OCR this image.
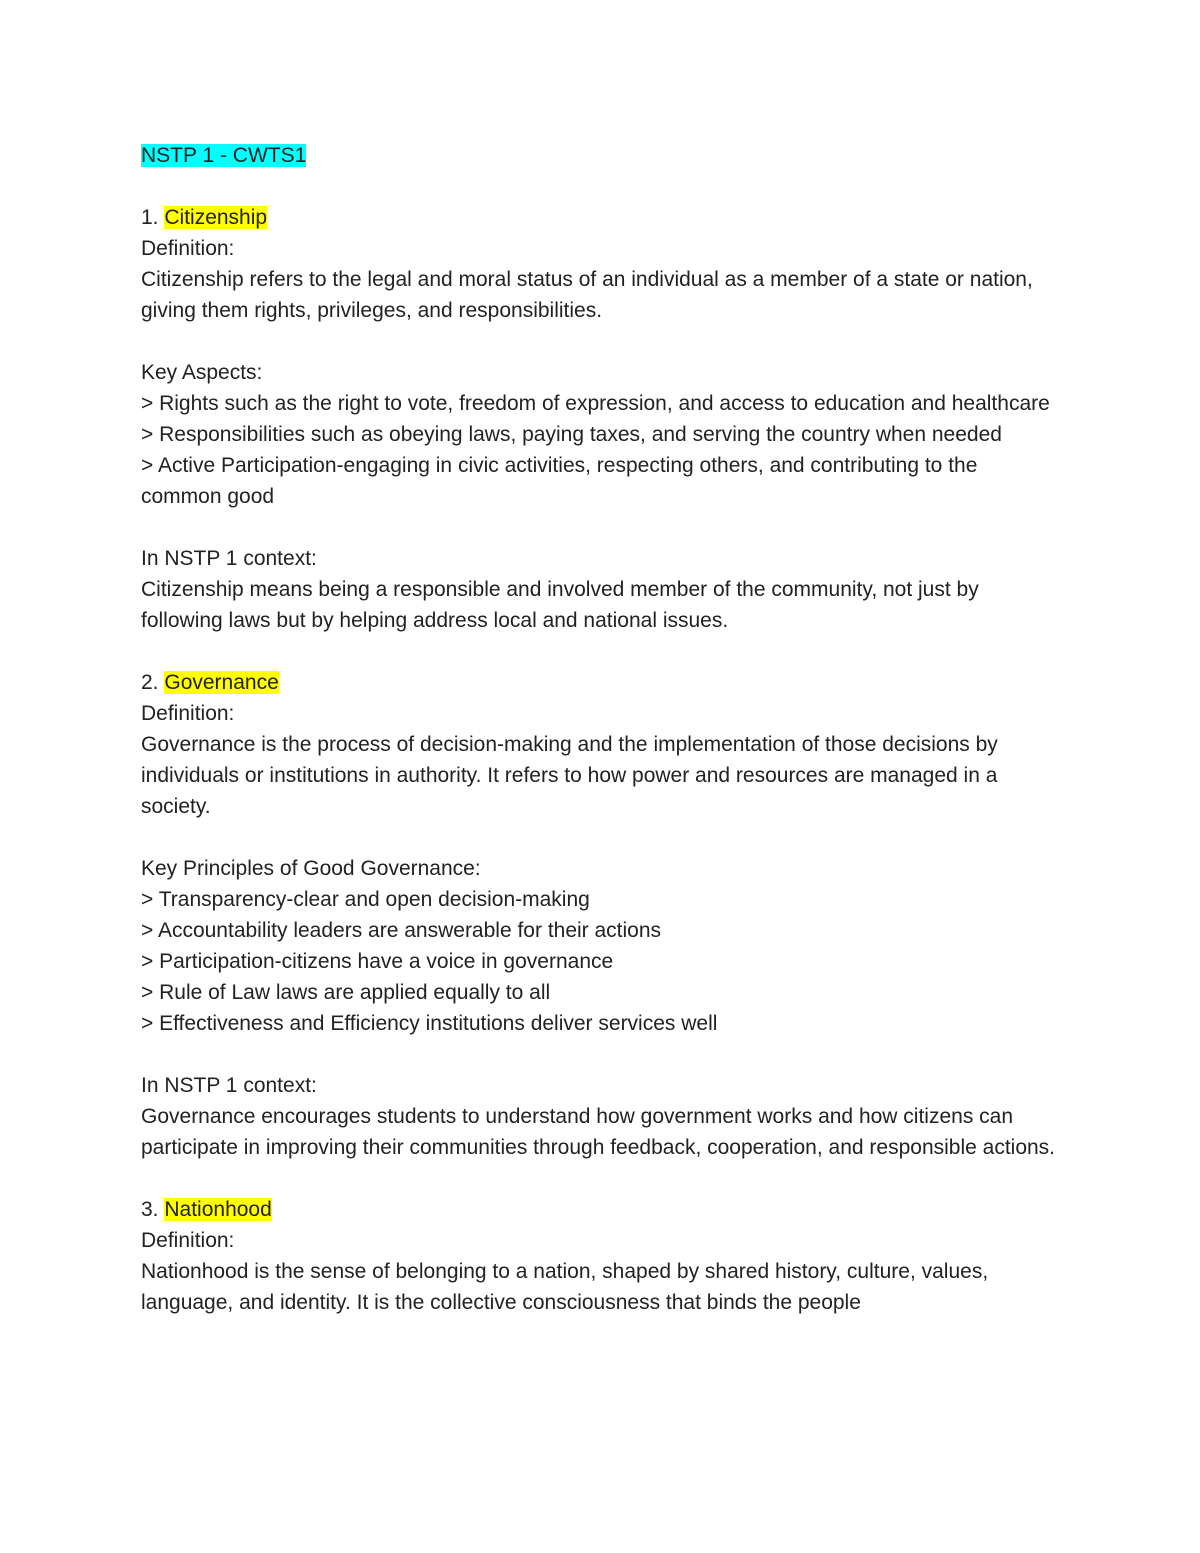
NSTP 1 - CWTS1
1. Citizenship
Definition:
Citizenship refers to the legal and moral status of an individual as a member of a state or nation, giving them rights, privileges, and responsibilities.
Key Aspects:
> Rights such as the right to vote, freedom of expression, and access to education and healthcare
> Responsibilities such as obeying laws, paying taxes, and serving the country when needed
> Active Participation-engaging in civic activities, respecting others, and contributing to the common good
In NSTP 1 context:
Citizenship means being a responsible and involved member of the community, not just by following laws but by helping address local and national issues.
2. Governance
Definition:
Governance is the process of decision-making and the implementation of those decisions by individuals or institutions in authority. It refers to how power and resources are managed in a society.
Key Principles of Good Governance:
> Transparency-clear and open decision-making
> Accountability leaders are answerable for their actions
> Participation-citizens have a voice in governance
> Rule of Law laws are applied equally to all
> Effectiveness and Efficiency institutions deliver services well
In NSTP 1 context:
Governance encourages students to understand how government works and how citizens can participate in improving their communities through feedback, cooperation, and responsible actions.
3. Nationhood
Definition:
Nationhood is the sense of belonging to a nation, shaped by shared history, culture, values, language, and identity. It is the collective consciousness that binds the people
